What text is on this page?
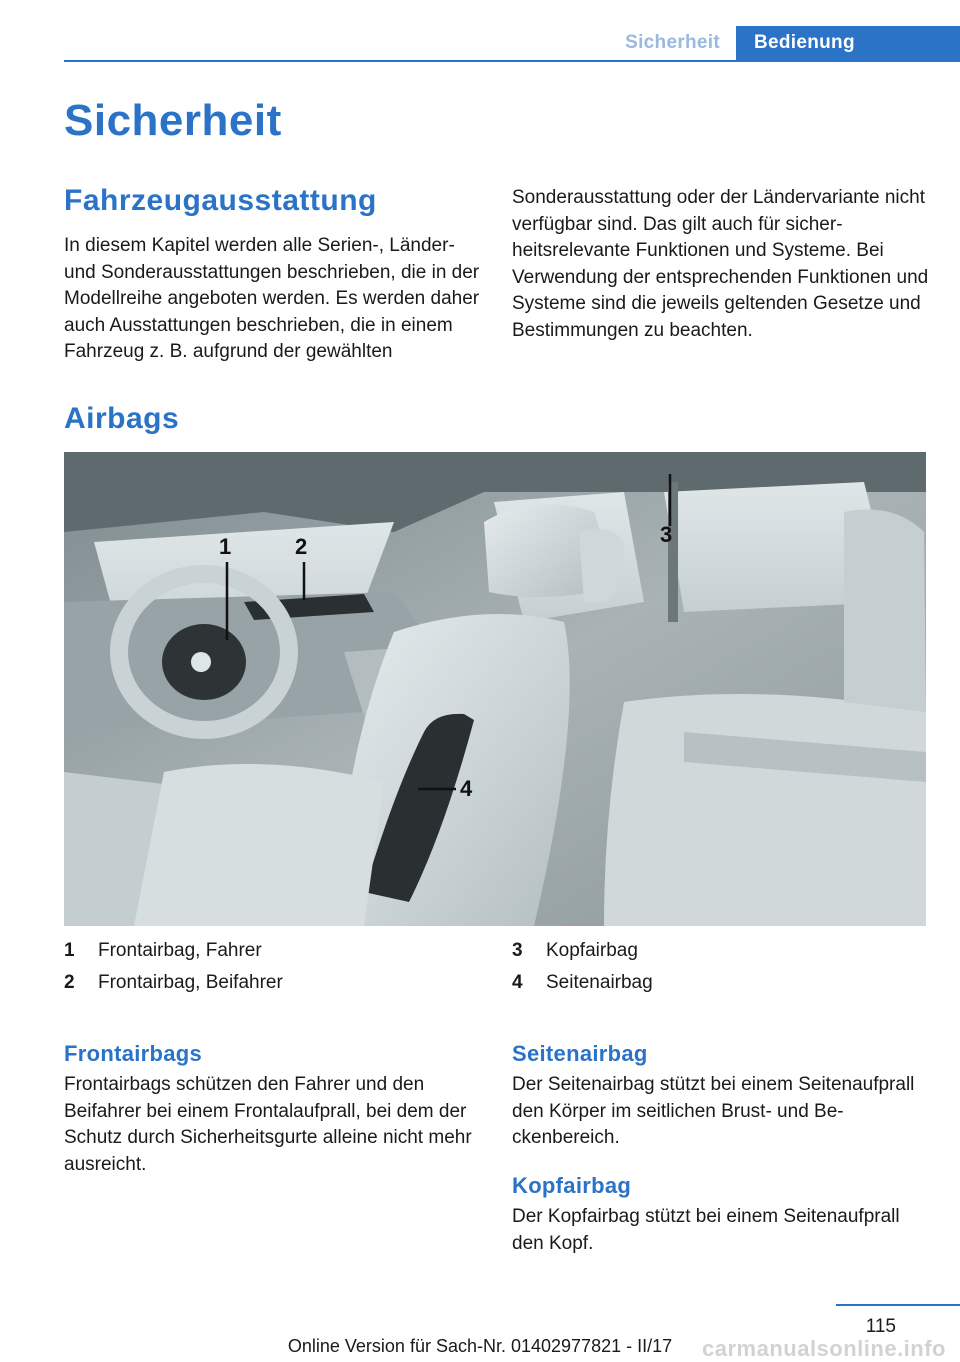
Sicherheit	Bedienung
Sicherheit
Fahrzeugausstattung

In diesem Kapitel werden alle Serien-, Länder- und Sonderausstattungen beschrieben, die in der Modellreihe angeboten werden. Es werden daher auch Ausstattungen beschrieben, die in einem Fahrzeug z. B. aufgrund der gewählten

Sonderausstattung oder der Ländervariante nicht verfügbar sind. Das gilt auch für sicherheitsrelevante Funktionen und Systeme. Bei Verwendung der entsprechenden Funktionen und Systeme sind die jeweils geltenden Gesetze und Bestimmungen zu beachten.

Airbags
1	2	3
4
1 Frontairbag, Fahrer
2 Frontairbag, Beifahrer
3 Kopfairbag
4 Seitenairbag
Frontairbags

Frontairbags schützen den Fahrer und den Beifahrer bei einem Frontalaufprall, bei dem der Schutz durch Sicherheitsgurte alleine nicht mehr ausreicht.

Seitenairbag

Der Seitenairbag stützt bei einem Seitenaufprall den Körper im seitlichen Brust- und Beckenbereich.

Kopfairbag

Der Kopfairbag stützt bei einem Seitenaufprall den Kopf.

115
Online Version für Sach-Nr. 01402977821 - II/17	carmanualsonline.info
